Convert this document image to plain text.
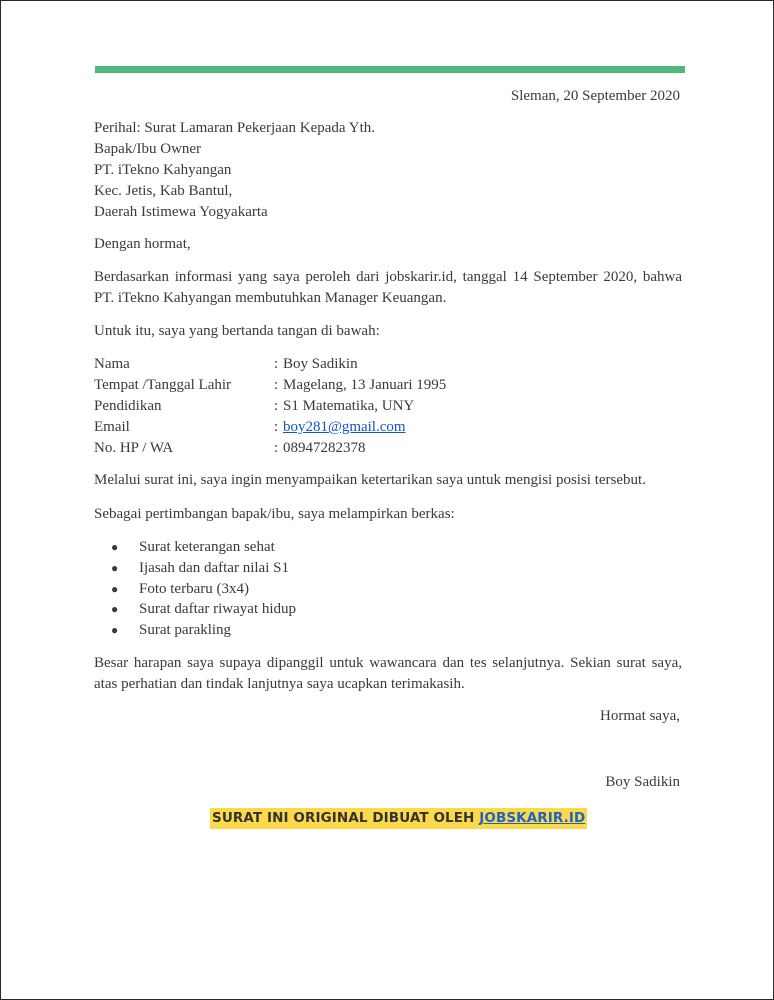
Sleman, 20 September 2020
Perihal: Surat Lamaran Pekerjaan Kepada Yth.
Bapak/Ibu Owner
PT. iTekno Kahyangan
Kec. Jetis, Kab Bantul,
Daerah Istimewa Yogyakarta
Dengan hormat,
Berdasarkan informasi yang saya peroleh dari jobskarir.id, tanggal 14 September 2020, bahwa
PT. iTekno Kahyangan membutuhkan Manager Keuangan.
Untuk itu, saya yang bertanda tangan di bawah:
Nama	: Boy Sadikin
Tempat /Tanggal Lahir	: Magelang, 13 Januari 1995
Pendidikan	: S1 Matematika, UNY
Email	: boy281@gmail.com
No. HP / WA	: 08947282378
Melalui surat ini, saya ingin menyampaikan ketertarikan saya untuk mengisi posisi tersebut.
Sebagai pertimbangan bapak/ibu, saya melampirkan berkas:
● Surat keterangan sehat
● Ijasah dan daftar nilai S1
● Foto terbaru (3x4)
● Surat daftar riwayat hidup
● Surat parakling
Besar harapan saya supaya dipanggil untuk wawancara dan tes selanjutnya. Sekian surat saya,
atas perhatian dan tindak lanjutnya saya ucapkan terimakasih.
Hormat saya,
Boy Sadikin
SURAT INI ORIGINAL DIBUAT OLEH JOBSKARIR.ID
